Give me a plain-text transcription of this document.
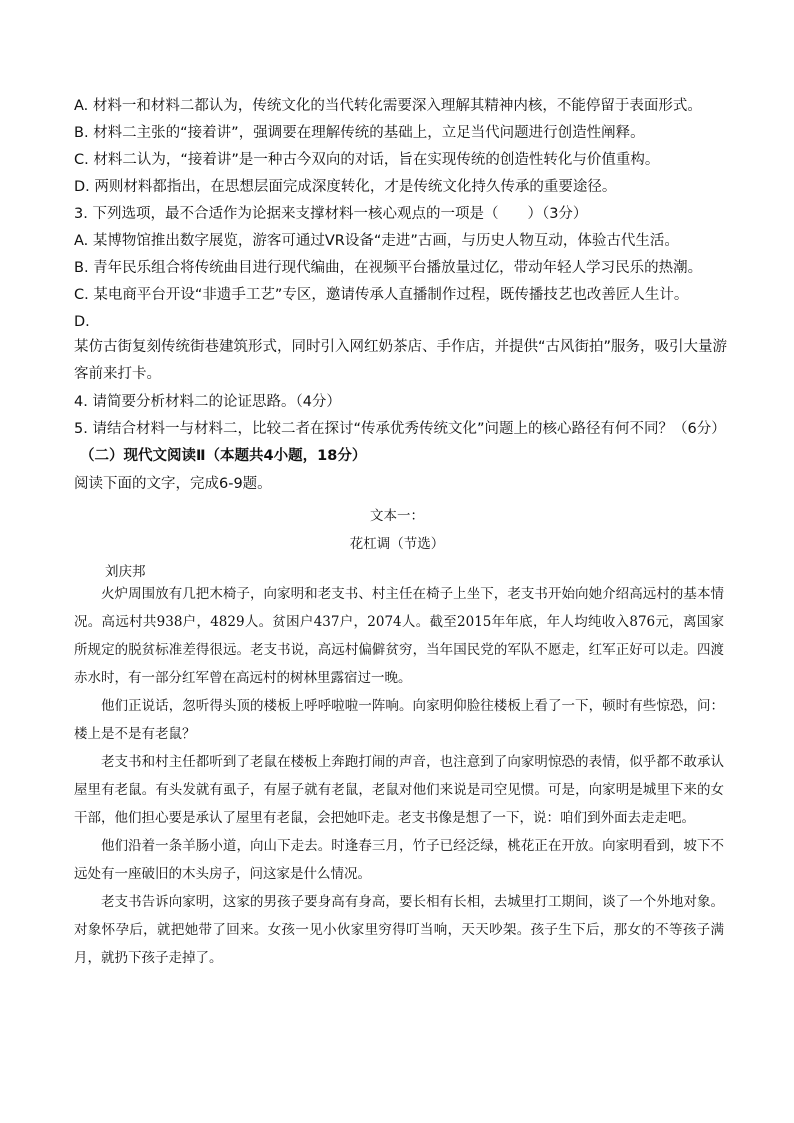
A. 材料一和材料二都认为，传统文化的当代转化需要深入理解其精神内核，不能停留于表面形式。
B. 材料二主张的“接着讲”，强调要在理解传统的基础上，立足当代问题进行创造性阐释。
C. 材料二认为，“接着讲”是一种古今双向的对话，旨在实现传统的创造性转化与价值重构。
D. 两则材料都指出，在思想层面完成深度转化，才是传统文化持久传承的重要途径。
3. 下列选项，最不合适作为论据来支撑材料一核心观点的一项是（　　）（3分）
A. 某博物馆推出数字展览，游客可通过VR设备“走进”古画，与历史人物互动，体验古代生活。
B. 青年民乐组合将传统曲目进行现代编曲，在视频平台播放量过亿，带动年轻人学习民乐的热潮。
C. 某电商平台开设“非遗手工艺”专区，邀请传承人直播制作过程，既传播技艺也改善匠人生计。
D.
某仿古街复刻传统街巷建筑形式，同时引入网红奶茶店、手作店，并提供“古风街拍”服务，吸引大量游
客前来打卡。
4. 请简要分析材料二的论证思路。（4分）
5. 请结合材料一与材料二，比较二者在探讨“传承优秀传统文化”问题上的核心路径有何不同？（6分）
（二）现代文阅读Ⅱ（本题共4小题，18分）
阅读下面的文字，完成6-9题。
文本一：
花杠调（节选）
刘庆邦

火炉周围放有几把木椅子，向家明和老支书、村主任在椅子上坐下，老支书开始向她介绍高远村的基本情况。高远村共938户，4829人。贫困户437户，2074人。截至2015年年底，年人均纯收入876元，离国家所规定的脱贫标准差得很远。老支书说，高远村偏僻贫穷，当年国民党的军队不愿走，红军正好可以走。四渡赤水时，有一部分红军曾在高远村的树林里露宿过一晚。

他们正说话，忽听得头顶的楼板上呼呼啦啦一阵响。向家明仰脸往楼板上看了一下，顿时有些惊恐，问：楼上是不是有老鼠？

老支书和村主任都听到了老鼠在楼板上奔跑打闹的声音，也注意到了向家明惊恐的表情，似乎都不敢承认屋里有老鼠。有头发就有虱子，有屋子就有老鼠，老鼠对他们来说是司空见惯。可是，向家明是城里下来的女干部，他们担心要是承认了屋里有老鼠，会把她吓走。老支书像是想了一下，说：咱们到外面去走走吧。

他们沿着一条羊肠小道，向山下走去。时逢春三月，竹子已经泛绿，桃花正在开放。向家明看到，坡下不远处有一座破旧的木头房子，问这家是什么情况。

老支书告诉向家明，这家的男孩子要身高有身高，要长相有长相，去城里打工期间，谈了一个外地对象。对象怀孕后，就把她带了回来。女孩一见小伙家里穷得叮当响，天天吵架。孩子生下后，那女的不等孩子满月，就扔下孩子走掉了。
